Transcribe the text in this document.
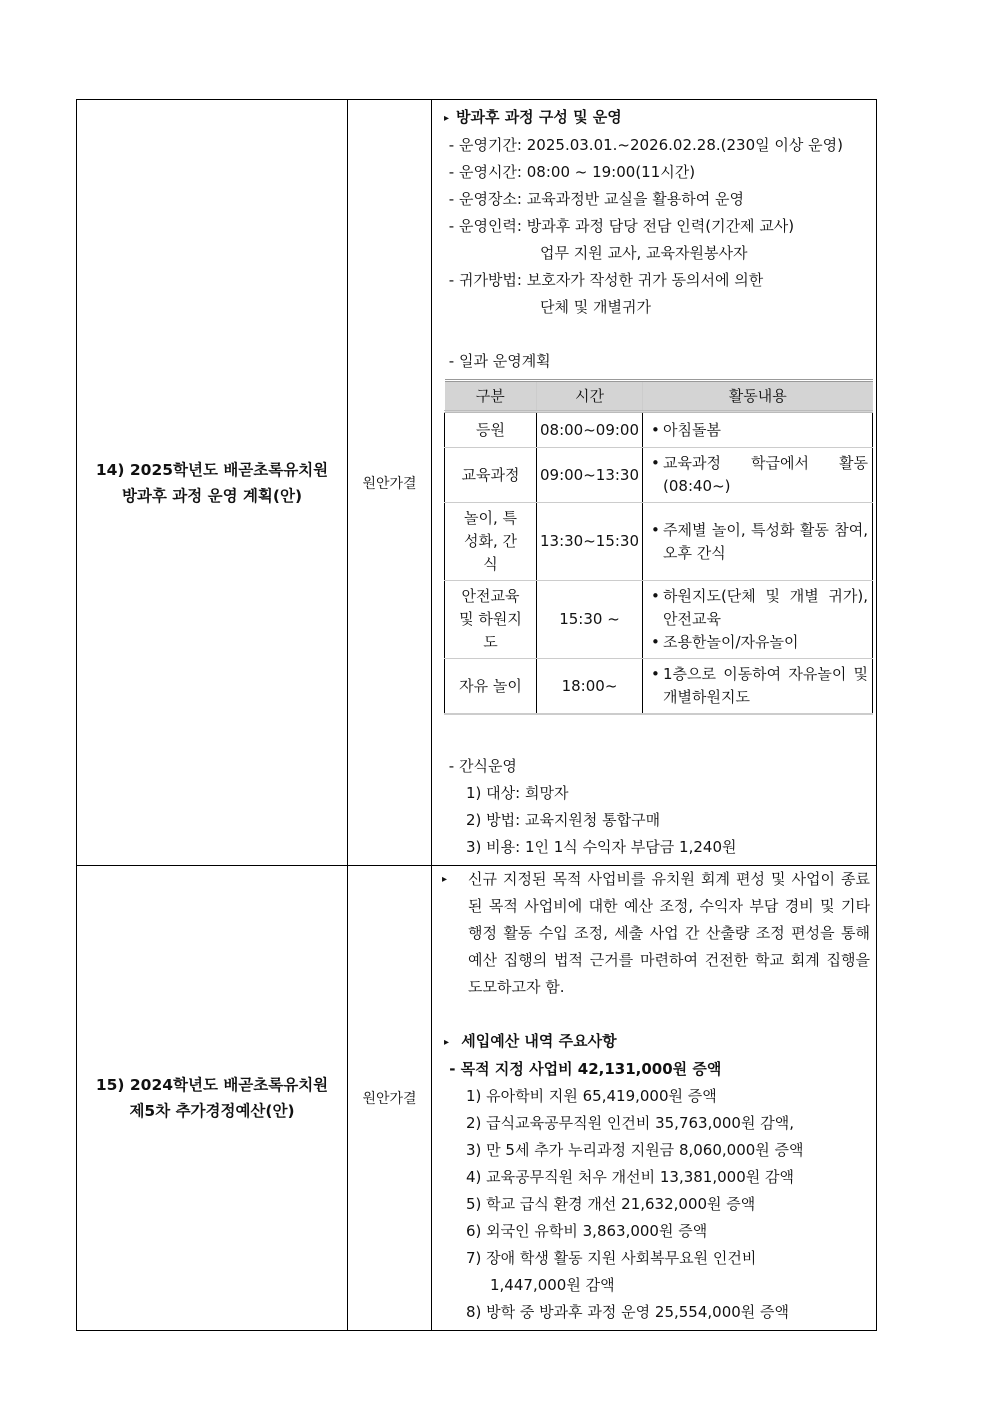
14) 2025학년도 배곧초록유치원
방과후 과정 운영 계획(안)
	원안가결	
▸ 방과후 과정 구성 및 운영
- 운영기간: 2025.03.01.~2026.02.28.(230일 이상 운영)
- 운영시간: 08:00 ~ 19:00(11시간)
- 운영장소: 교육과정반 교실을 활용하여 운영
- 운영인력: 방과후 과정 담당 전담 인력(기간제 교사)
업무 지원 교사, 교육자원봉사자
- 귀가방법: 보호자가 작성한 귀가 동의서에 의한
단체 및 개별귀가
- 일과 운영계획
구분	시간	활동내용
등원	08:00~09:00	• 아침돌봄

교육과정	09:00~13:30	
• 교육과정 학급에서 활동 (08:40~)

놀이, 특성화, 간식	13:30~15:30	
• 주제별 놀이, 특성화 활동 참여, 오후 간식

안전교육 및 하원지도	15:30 ~	
• 하원지도(단체 및 개별 귀가), 안전교육
• 조용한놀이/자유놀이

자유 놀이	18:00~	
• 1층으로 이동하여 자유놀이 및 개별하원지도
- 간식운영
1) 대상: 희망자
2) 방법: 교육지원청 통합구매
3) 비용: 1인 1식 수익자 부담금 1,240원

15) 2024학년도 배곧초록유치원
제5차 추가경정예산(안)
	원안가결	
▸	신규 지정된 목적 사업비를 유치원 회계 편성 및 사업이 종료된 목적 사업비에 대한 예산 조정, 수익자 부담 경비 및 기타 행정 활동 수입 조정, 세출 사업 간 산출량 조정 편성을 통해 예산 집행의 법적 근거를 마련하여 건전한 학교 회계 집행을 도모하고자 함.
▸ 세입예산 내역 주요사항
- 목적 지정 사업비 42,131,000원 증액
1) 유아학비 지원 65,419,000원 증액
2) 급식교육공무직원 인건비 35,763,000원 감액,
3) 만 5세 추가 누리과정 지원금 8,060,000원 증액
4) 교육공무직원 처우 개선비 13,381,000원 감액
5) 학교 급식 환경 개선 21,632,000원 증액
6) 외국인 유학비 3,863,000원 증액
7) 장애 학생 활동 지원 사회복무요원 인건비
1,447,000원 감액
8) 방학 중 방과후 과정 운영 25,554,000원 증액
